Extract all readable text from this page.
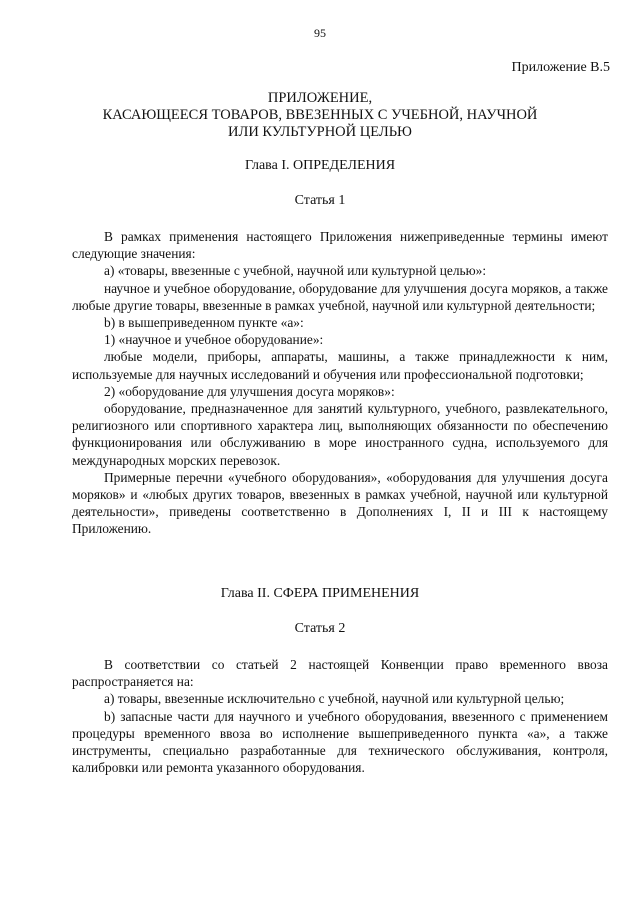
95
Приложение В.5
ПРИЛОЖЕНИЕ,
КАСАЮЩЕЕСЯ ТОВАРОВ, ВВЕЗЕННЫХ С УЧЕБНОЙ, НАУЧНОЙ
ИЛИ КУЛЬТУРНОЙ ЦЕЛЬЮ
Глава I. ОПРЕДЕЛЕНИЯ
Статья 1

В рамках применения настоящего Приложения нижеприведенные термины имеют следующие значения:

а) «товары, ввезенные с учебной, научной или культурной целью»:

научное и учебное оборудование, оборудование для улучшения досуга моряков, а также любые другие товары, ввезенные в рамках учебной, научной или культурной деятельности;

b) в вышеприведенном пункте «а»:

1) «научное и учебное оборудование»:

любые модели, приборы, аппараты, машины, а также принадлежности к ним, используемые для научных исследований и обучения или профессиональной подготовки;

2) «оборудование для улучшения досуга моряков»:

оборудование, предназначенное для занятий культурного, учебного, развлекательного, религиозного или спортивного характера лиц, выполняющих обязанности по обеспечению функционирования или обслуживанию в море иностранного судна, используемого для международных морских перевозок.

Примерные перечни «учебного оборудования», «оборудования для улучшения досуга моряков» и «любых других товаров, ввезенных в рамках учебной, научной или культурной деятельности», приведены соответственно в Дополнениях I, II и III к настоящему Приложению.

Глава II. СФЕРА ПРИМЕНЕНИЯ
Статья 2

В соответствии со статьей 2 настоящей Конвенции право временного ввоза распространяется на:

а) товары, ввезенные исключительно с учебной, научной или культурной целью;

b) запасные части для научного и учебного оборудования, ввезенного с применением процедуры временного ввоза во исполнение вышеприведенного пункта «а», а также инструменты, специально разработанные для технического обслуживания, контроля, калибровки или ремонта указанного оборудования.
